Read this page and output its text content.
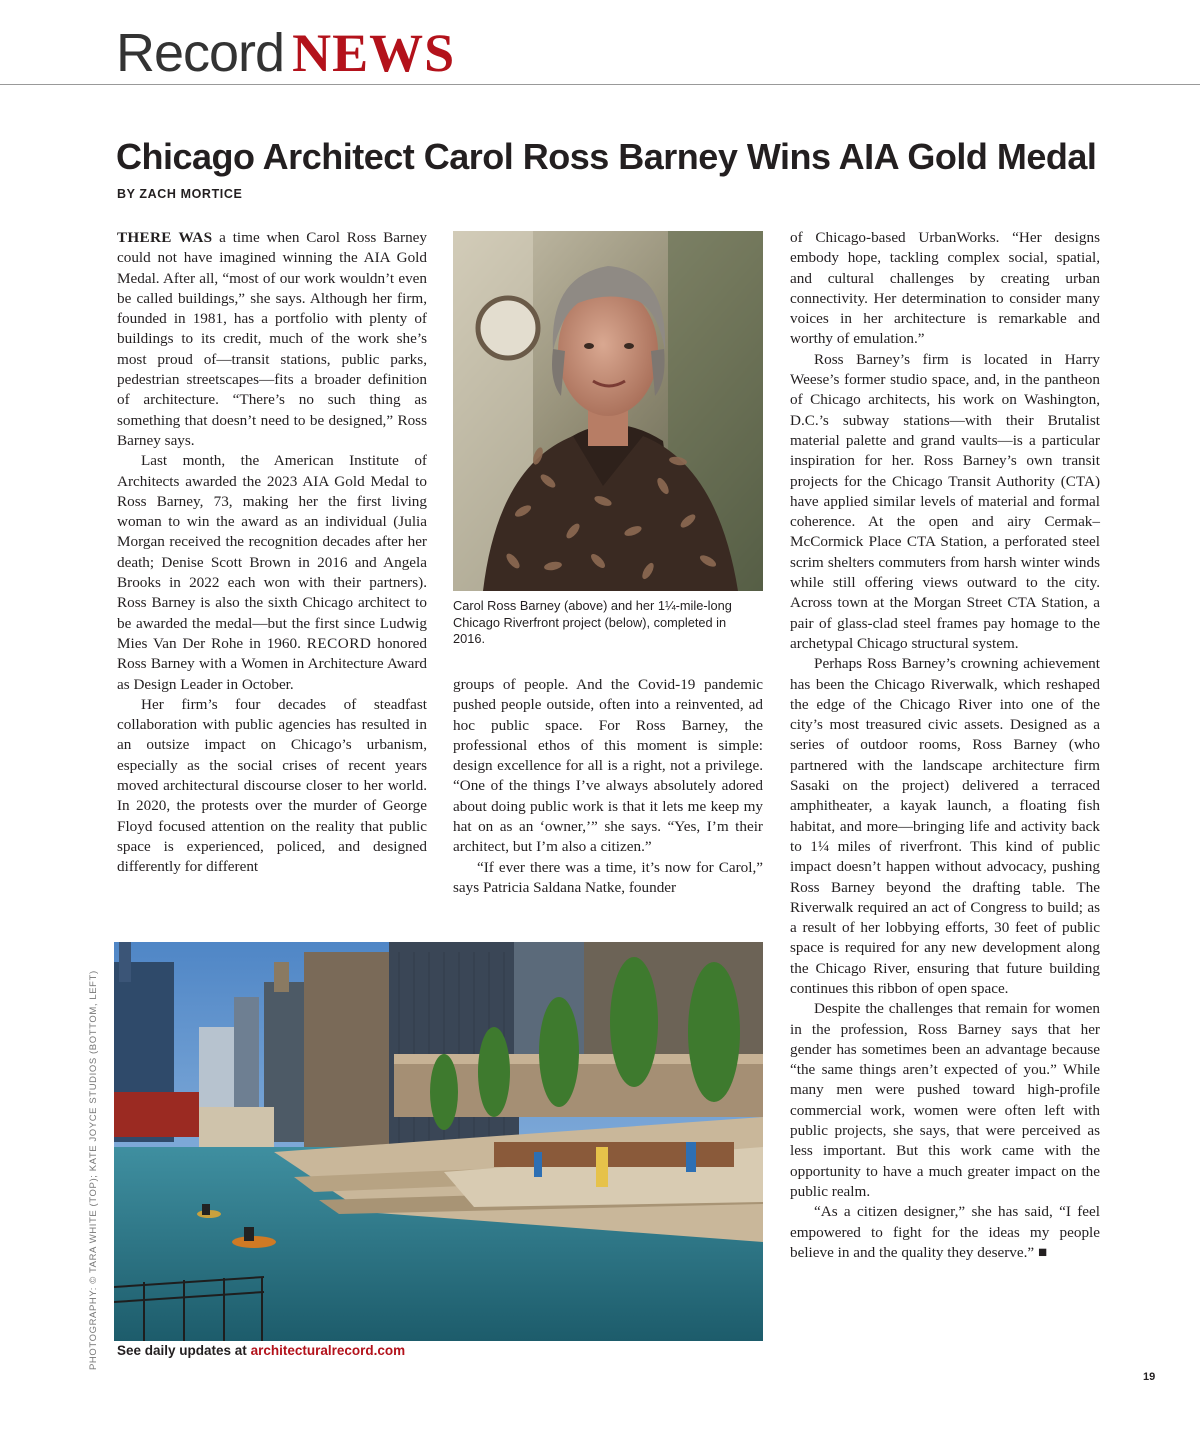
Record NEWS
Chicago Architect Carol Ross Barney Wins AIA Gold Medal
BY ZACH MORTICE

THERE WAS a time when Carol Ross Barney could not have imagined winning the AIA Gold Medal. After all, “most of our work wouldn’t even be called buildings,” she says. Although her firm, founded in 1981, has a portfolio with plenty of buildings to its credit, much of the work she’s most proud of—transit stations, public parks, pedestrian streetscapes—fits a broader definition of architecture. “There’s no such thing as something that doesn’t need to be designed,” Ross Barney says.

Last month, the American Institute of Architects awarded the 2023 AIA Gold Medal to Ross Barney, 73, making her the first living woman to win the award as an individual (Julia Morgan received the recognition decades after her death; Denise Scott Brown in 2016 and Angela Brooks in 2022 each won with their partners). Ross Barney is also the sixth Chicago architect to be awarded the medal—but the first since Ludwig Mies Van Der Rohe in 1960. RECORD honored Ross Barney with a Women in Architecture Award as Design Leader in October.

Her firm’s four decades of steadfast collaboration with public agencies has resulted in an outsize impact on Chicago’s urbanism, especially as the social crises of recent years moved architectural discourse closer to her world. In 2020, the protests over the murder of George Floyd focused attention on the reality that public space is experienced, policed, and designed differently for different

Carol Ross Barney (above) and her 1¼-mile-long Chicago Riverfront project (below), completed in 2016.

groups of people. And the Covid-19 pandemic pushed people outside, often into a reinvented, ad hoc public space. For Ross Barney, the professional ethos of this moment is simple: design excellence for all is a right, not a privilege. “One of the things I’ve always absolutely adored about doing public work is that it lets me keep my hat on as an ‘owner,’” she says. “Yes, I’m their architect, but I’m also a citizen.”

“If ever there was a time, it’s now for Carol,” says Patricia Saldana Natke, founder

of Chicago-based UrbanWorks. “Her designs embody hope, tackling complex social, spatial, and cultural challenges by creating urban connectivity. Her determination to consider many voices in her architecture is remarkable and worthy of emulation.”

Ross Barney’s firm is located in Harry Weese’s former studio space, and, in the pantheon of Chicago architects, his work on Washington, D.C.’s subway stations—with their Brutalist material palette and grand vaults—is a particular inspiration for her. Ross Barney’s own transit projects for the Chicago Transit Authority (CTA) have applied similar levels of material and formal coherence. At the open and airy Cermak–McCormick Place CTA Station, a perforated steel scrim shelters commuters from harsh winter winds while still offering views outward to the city. Across town at the Morgan Street CTA Station, a pair of glass-clad steel frames pay homage to the archetypal Chicago structural system.

Perhaps Ross Barney’s crowning achievement has been the Chicago Riverwalk, which reshaped the edge of the Chicago River into one of the city’s most treasured civic assets. Designed as a series of outdoor rooms, Ross Barney (who partnered with the landscape architecture firm Sasaki on the project) delivered a terraced amphitheater, a kayak launch, a floating fish habitat, and more—bringing life and activity back to 1¼ miles of riverfront. This kind of public impact doesn’t happen without advocacy, pushing Ross Barney beyond the drafting table. The Riverwalk required an act of Congress to build; as a result of her lobbying efforts, 30 feet of public space is required for any new development along the Chicago River, ensuring that future building continues this ribbon of open space.

Despite the challenges that remain for women in the profession, Ross Barney says that her gender has sometimes been an advantage because “the same things aren’t expected of you.” While many men were pushed toward high-profile commercial work, women were often left with public projects, she says, that were perceived as less important. But this work came with the opportunity to have a much greater impact on the public realm.

“As a citizen designer,” she has said, “I feel empowered to fight for the ideas my people believe in and the quality they deserve.” ■

PHOTOGRAPHY: © TARA WHITE (TOP); KATE JOYCE STUDIOS (BOTTOM, LEFT) See daily updates at architecturalrecord.com
19
